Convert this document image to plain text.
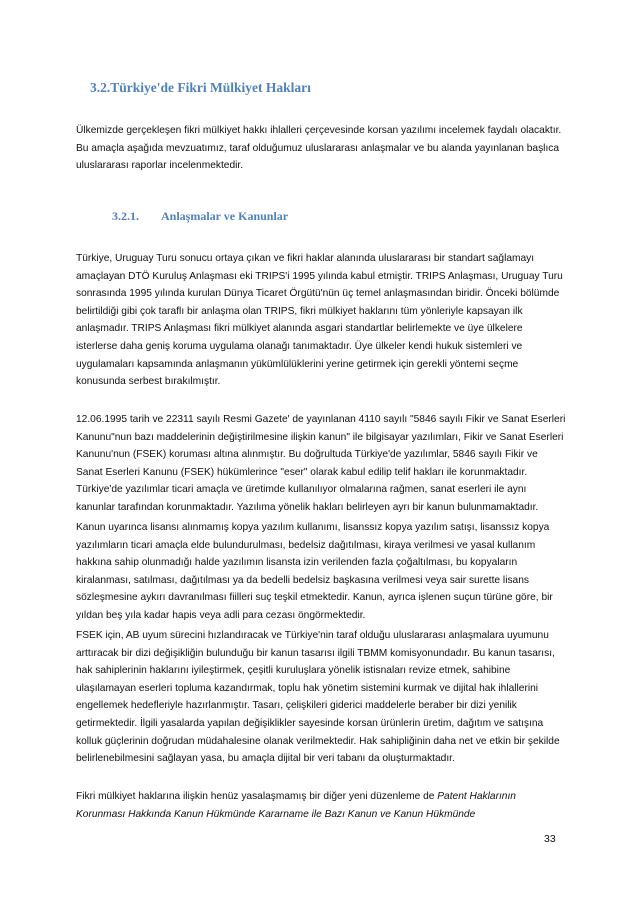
3.2.Türkiye'de Fikri Mülkiyet Hakları

Ülkemizde gerçekleşen fikri mülkiyet hakkı ihlalleri çerçevesinde korsan yazılımı incelemek faydalı olacaktır. Bu amaçla aşağıda mevzuatımız, taraf olduğumuz uluslararası anlaşmalar ve bu alanda yayınlanan başlıca uluslararası raporlar incelenmektedir.

3.2.1. Anlaşmalar ve Kanunlar

Türkiye, Uruguay Turu sonucu ortaya çıkan ve fikri haklar alanında uluslararası bir standart sağlamayı amaçlayan DTÖ Kuruluş Anlaşması eki TRIPS'i 1995 yılında kabul etmiştir. TRIPS Anlaşması, Uruguay Turu sonrasında 1995 yılında kurulan Dünya Ticaret Örgütü'nün üç temel anlaşmasından biridir. Önceki bölümde belirtildiği gibi çok taraflı bir anlaşma olan TRIPS, fikri mülkiyet haklarını tüm yönleriyle kapsayan ilk anlaşmadır. TRIPS Anlaşması fikri mülkiyet alanında asgari standartlar belirlemekte ve üye ülkelere isterlerse daha geniş koruma uygulama olanağı tanımaktadır. Üye ülkeler kendi hukuk sistemleri ve uygulamaları kapsamında anlaşmanın yükümlülüklerini yerine getirmek için gerekli yöntemi seçme konusunda serbest bırakılmıştır.

12.06.1995 tarih ve 22311 sayılı Resmi Gazete' de yayınlanan 4110 sayılı "5846 sayılı Fikir ve Sanat Eserleri Kanunu"nun bazı maddelerinin değiştirilmesine ilişkin kanun" ile bilgisayar yazılımları, Fikir ve Sanat Eserleri Kanunu'nun (FSEK) koruması altına alınmıştır. Bu doğrultuda Türkiye'de yazılımlar, 5846 sayılı Fikir ve Sanat Eserleri Kanunu (FSEK) hükümlerince "eser" olarak kabul edilip telif hakları ile korunmaktadır. Türkiye'de yazılımlar ticari amaçla ve üretimde kullanılıyor olmalarına rağmen, sanat eserleri ile aynı kanunlar tarafından korunmaktadır. Yazılıma yönelik hakları belirleyen ayrı bir kanun bulunmamaktadır.

Kanun uyarınca lisansı alınmamış kopya yazılım kullanımı, lisanssız kopya yazılım satışı, lisanssız kopya yazılımların ticari amaçla elde bulundurulması, bedelsiz dağıtılması, kiraya verilmesi ve yasal kullanım hakkına sahip olunmadığı halde yazılımın lisansta izin verilenden fazla çoğaltılması, bu kopyaların kiralanması, satılması, dağıtılması ya da bedelli bedelsiz başkasına verilmesi veya sair surette lisans sözleşmesine aykırı davranılması fiilleri suç teşkil etmektedir. Kanun, ayrıca işlenen suçun türüne göre, bir yıldan beş yıla kadar hapis veya adli para cezası öngörmektedir.

FSEK için, AB uyum sürecini hızlandıracak ve Türkiye'nin taraf olduğu uluslararası anlaşmalara uyumunu arttıracak bir dizi değişikliğin bulunduğu bir kanun tasarısı ilgili TBMM komisyonundadır. Bu kanun tasarısı, hak sahiplerinin haklarını iyileştirmek, çeşitli kuruluşlara yönelik istisnaları revize etmek, sahibine ulaşılamayan eserleri topluma kazandırmak, toplu hak yönetim sistemini kurmak ve dijital hak ihlallerini engellemek hedefleriyle hazırlanmıştır. Tasarı, çelişkileri giderici maddelerle beraber bir dizi yenilik getirmektedir. İlgili yasalarda yapılan değişiklikler sayesinde korsan ürünlerin üretim, dağıtım ve satışına kolluk güçlerinin doğrudan müdahalesine olanak verilmektedir. Hak sahipliğinin daha net ve etkin bir şekilde belirlenebilmesini sağlayan yasa, bu amaçla dijital bir veri tabanı da oluşturmaktadır.

Fikri mülkiyet haklarına ilişkin henüz yasalaşmamış bir diğer yeni düzenleme de Patent Haklarının Korunması Hakkında Kanun Hükmünde Kararname ile Bazı Kanun ve Kanun Hükmünde

33
